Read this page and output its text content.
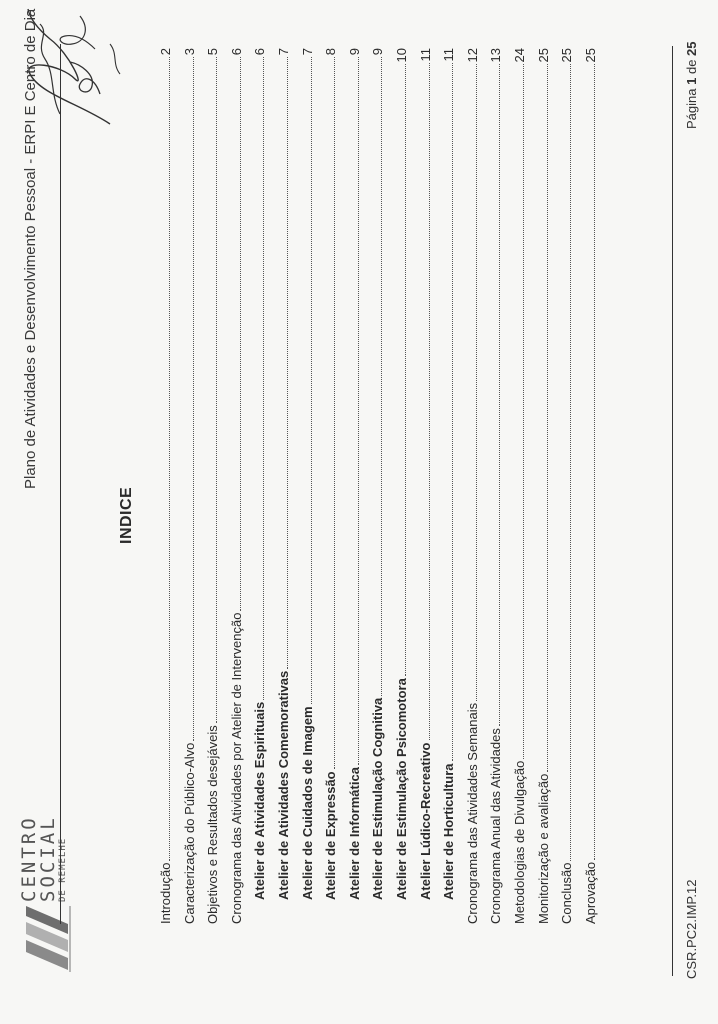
CENTRO
SOCIAL DE REMELHE
Plano de Atividades e Desenvolvimento Pessoal - ERPI E Centro de Dia
INDICE
Introdução
2
Caracterização do Público-Alvo
3
Objetivos e Resultados desejáveis
5
Cronograma das Atividades por Atelier de Intervenção
6
Atelier de Atividades Espirituais
6
Atelier de Atividades Comemorativas
7
Atelier de Cuidados de Imagem
7
Atelier de Expressão
8
Atelier de Informática
9
Atelier de Estimulação Cognitiva
9
Atelier de Estimulação Psicomotora
10
Atelier Lúdico-Recreativo
11
Atelier de Horticultura
11
Cronograma das Atividades Semanais
12
Cronograma Anual das Atividades
13
Metodologias de Divulgação
24
Monitorização e avaliação
25
Conclusão
25
Aprovação
25
CSR.PC2.IMP.12
Página 1 de 25
